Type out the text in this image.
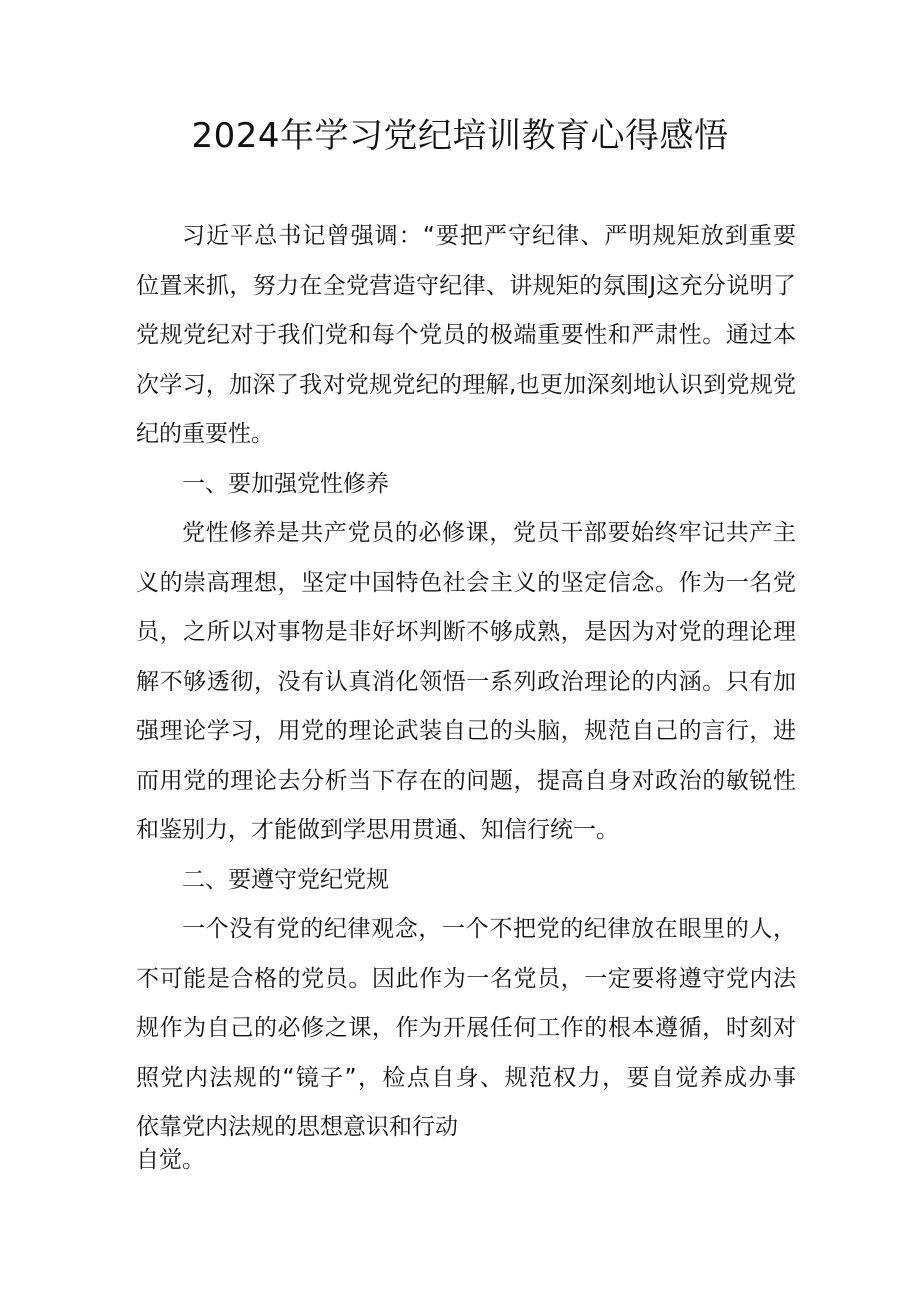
2024年学习党纪培训教育心得感悟
习近平总书记曾强调：“要把严守纪律、严明规矩放到重要
位置来抓，努力在全党营造守纪律、讲规矩的氛围J这充分说明了
党规党纪对于我们党和每个党员的极端重要性和严肃性。通过本
次学习，加深了我对党规党纪的理解,也更加深刻地认识到党规党
纪的重要性。
一、要加强党性修养
党性修养是共产党员的必修课，党员干部要始终牢记共产主
义的崇高理想，坚定中国特色社会主义的坚定信念。作为一名党
员，之所以对事物是非好坏判断不够成熟，是因为对党的理论理
解不够透彻，没有认真消化领悟一系列政治理论的内涵。只有加
强理论学习，用党的理论武装自己的头脑，规范自己的言行，进
而用党的理论去分析当下存在的问题，提高自身对政治的敏锐性
和鉴别力，才能做到学思用贯通、知信行统一。
二、要遵守党纪党规
一个没有党的纪律观念，一个不把党的纪律放在眼里的人，
不可能是合格的党员。因此作为一名党员，一定要将遵守党内法
规作为自己的必修之课，作为开展任何工作的根本遵循，时刻对
照党内法规的“镜子”，检点自身、规范权力，要自觉养成办事
依靠党内法规的思想意识和行动
自觉。
